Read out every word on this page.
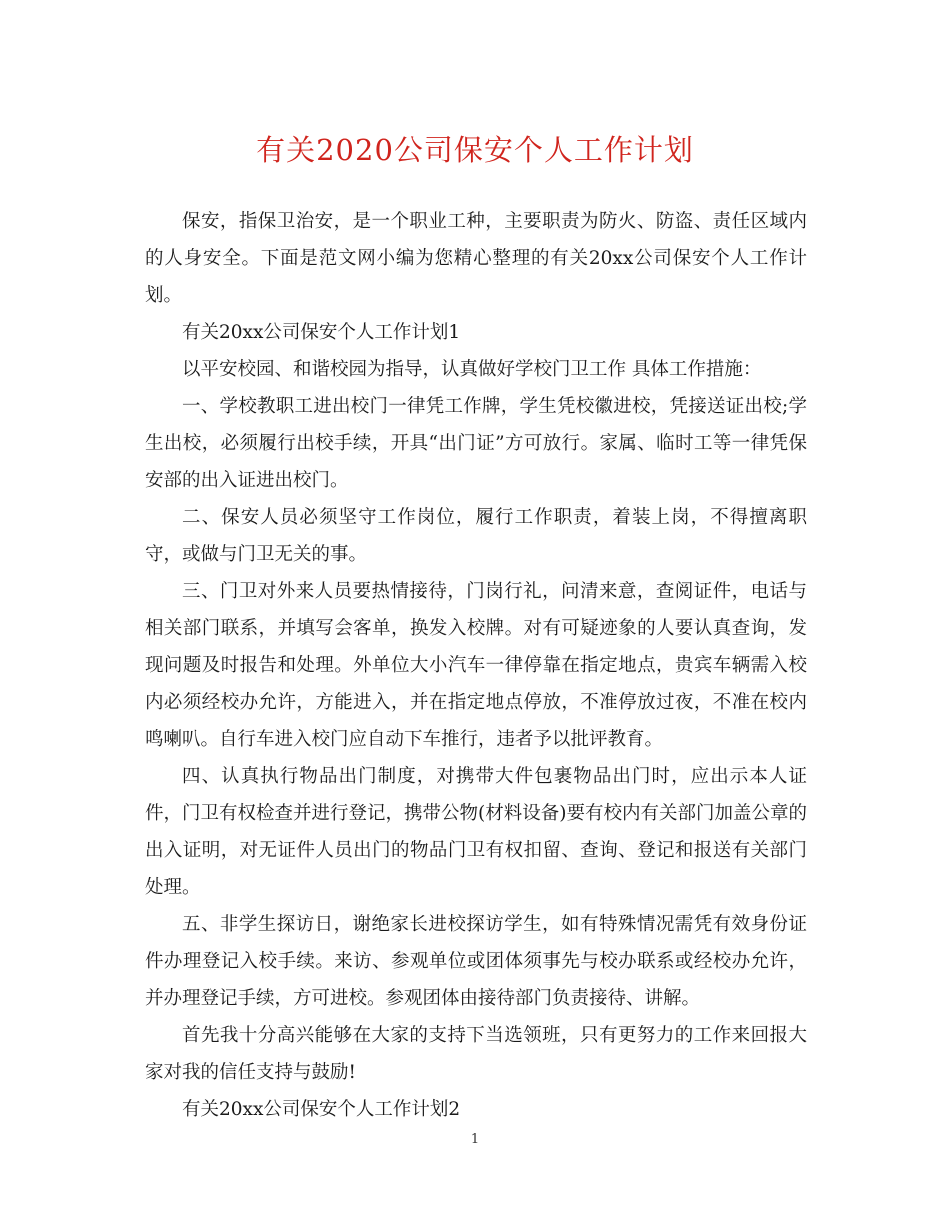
有关2020公司保安个人工作计划

保安，指保卫治安，是一个职业工种，主要职责为防火、防盗、责任区域内的人身安全。下面是范文网小编为您精心整理的有关20xx公司保安个人工作计划。

有关20xx公司保安个人工作计划1

以平安校园、和谐校园为指导，认真做好学校门卫工作 具体工作措施：

一、学校教职工进出校门一律凭工作牌，学生凭校徽进校，凭接送证出校;学生出校，必须履行出校手续，开具“出门证”方可放行。家属、临时工等一律凭保安部的出入证进出校门。

二、保安人员必须坚守工作岗位，履行工作职责，着装上岗，不得擅离职守，或做与门卫无关的事。

三、门卫对外来人员要热情接待，门岗行礼，问清来意，查阅证件，电话与相关部门联系，并填写会客单，换发入校牌。对有可疑迹象的人要认真查询，发现问题及时报告和处理。外单位大小汽车一律停靠在指定地点，贵宾车辆需入校内必须经校办允许，方能进入，并在指定地点停放，不准停放过夜，不准在校内鸣喇叭。自行车进入校门应自动下车推行，违者予以批评教育。

四、认真执行物品出门制度，对携带大件包裹物品出门时，应出示本人证件，门卫有权检查并进行登记，携带公物(材料设备)要有校内有关部门加盖公章的出入证明，对无证件人员出门的物品门卫有权扣留、查询、登记和报送有关部门处理。

五、非学生探访日，谢绝家长进校探访学生，如有特殊情况需凭有效身份证件办理登记入校手续。来访、参观单位或团体须事先与校办联系或经校办允许，并办理登记手续，方可进校。参观团体由接待部门负责接待、讲解。

首先我十分高兴能够在大家的支持下当选领班，只有更努力的工作来回报大家对我的信任支持与鼓励!

有关20xx公司保安个人工作计划2

1
